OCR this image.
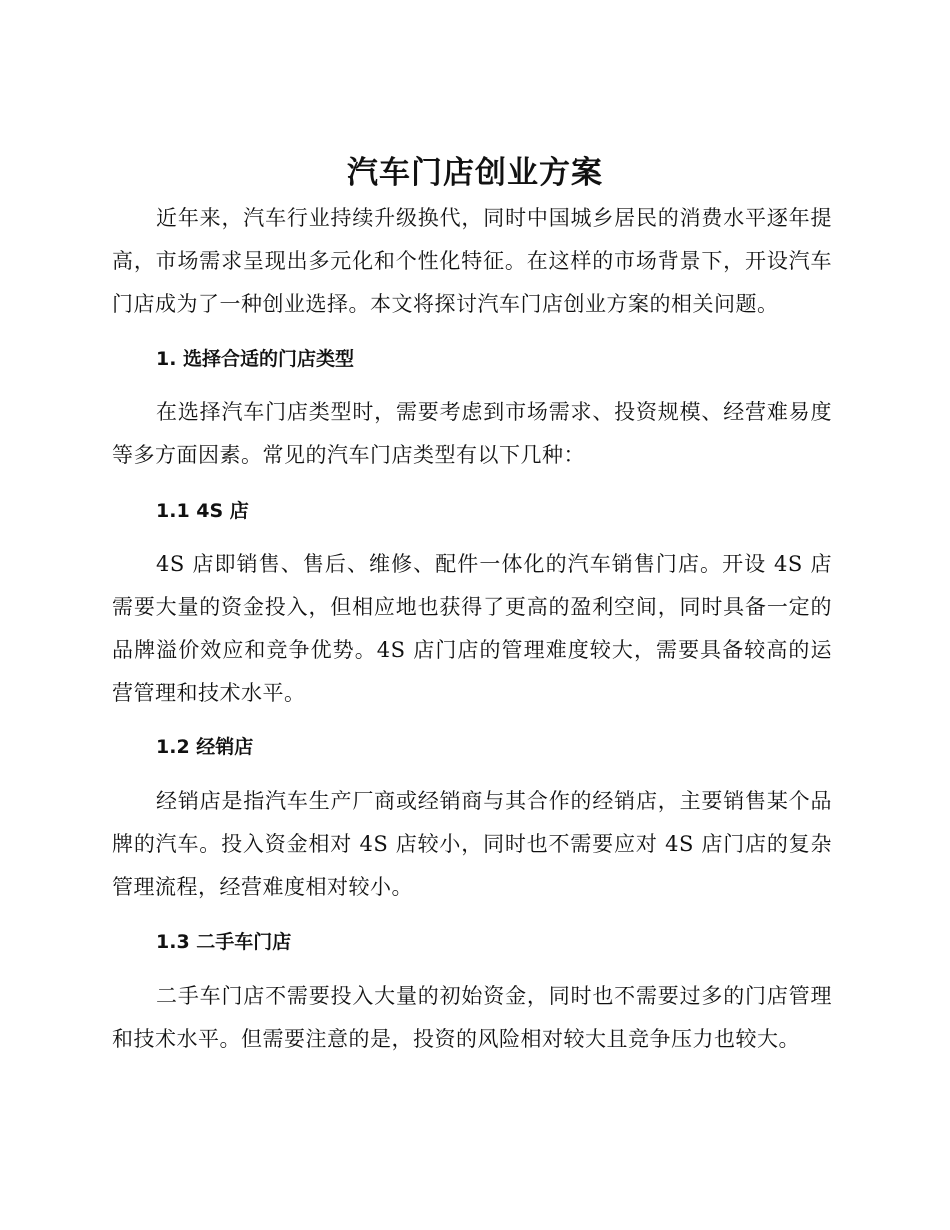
汽车门店创业方案

近年来，汽车行业持续升级换代，同时中国城乡居民的消费水平逐年提高，市场需求呈现出多元化和个性化特征。在这样的市场背景下，开设汽车门店成为了一种创业选择。本文将探讨汽车门店创业方案的相关问题。

1. 选择合适的门店类型

在选择汽车门店类型时，需要考虑到市场需求、投资规模、经营难易度等多方面因素。常见的汽车门店类型有以下几种：

1.1 4S 店

4S 店即销售、售后、维修、配件一体化的汽车销售门店。开设 4S 店需要大量的资金投入，但相应地也获得了更高的盈利空间，同时具备一定的品牌溢价效应和竞争优势。4S 店门店的管理难度较大，需要具备较高的运营管理和技术水平。

1.2 经销店

经销店是指汽车生产厂商或经销商与其合作的经销店，主要销售某个品牌的汽车。投入资金相对 4S 店较小，同时也不需要应对 4S 店门店的复杂管理流程，经营难度相对较小。

1.3 二手车门店

二手车门店不需要投入大量的初始资金，同时也不需要过多的门店管理和技术水平。但需要注意的是，投资的风险相对较大且竞争压力也较大。
